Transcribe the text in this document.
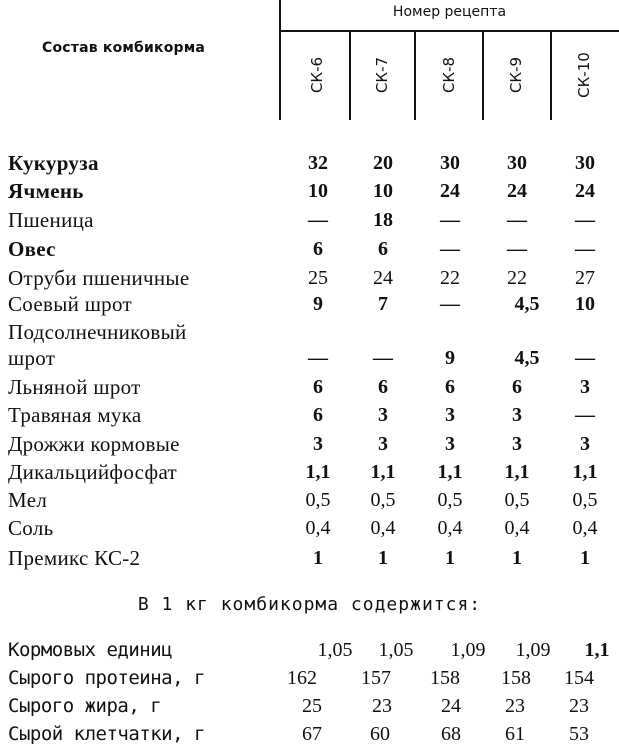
Состав комбикорма
Номер рецепта
СК-6	СК-7	СК-8	СК-9	СК-10
Кукуруза	32	20	30	30	30
Ячмень	10	10	24	24	24
Пшеница	—	18	—	—	—
Овес	6	6	—	—	—
Отруби пшеничные	25	24	22	22	27
Соевый шрот	9	7	—	4,5	10
Подсолнечниковый
шрот	—	—	9	4,5	—
Льняной шрот	6	6	6	6	3
Травяная мука	6	3	3	3	—
Дрожжи кормовые	3	3	3	3	3
Дикальцийфосфат	1,1	1,1	1,1	1,1	1,1
Мел	0,5	0,5	0,5	0,5	0,5
Соль	0,4	0,4	0,4	0,4	0,4
Премикс КС-2	1	1	1	1	1
В 1 кг комбикорма содержится:
Кормовых единиц	1,05	1,05	1,09	1,09	1,1
Сырого протеина, г	162	157	158	158	154
Сырого жира, г	25	23	24	23	23
Сырой клетчатки, г	67	60	68	61	53
